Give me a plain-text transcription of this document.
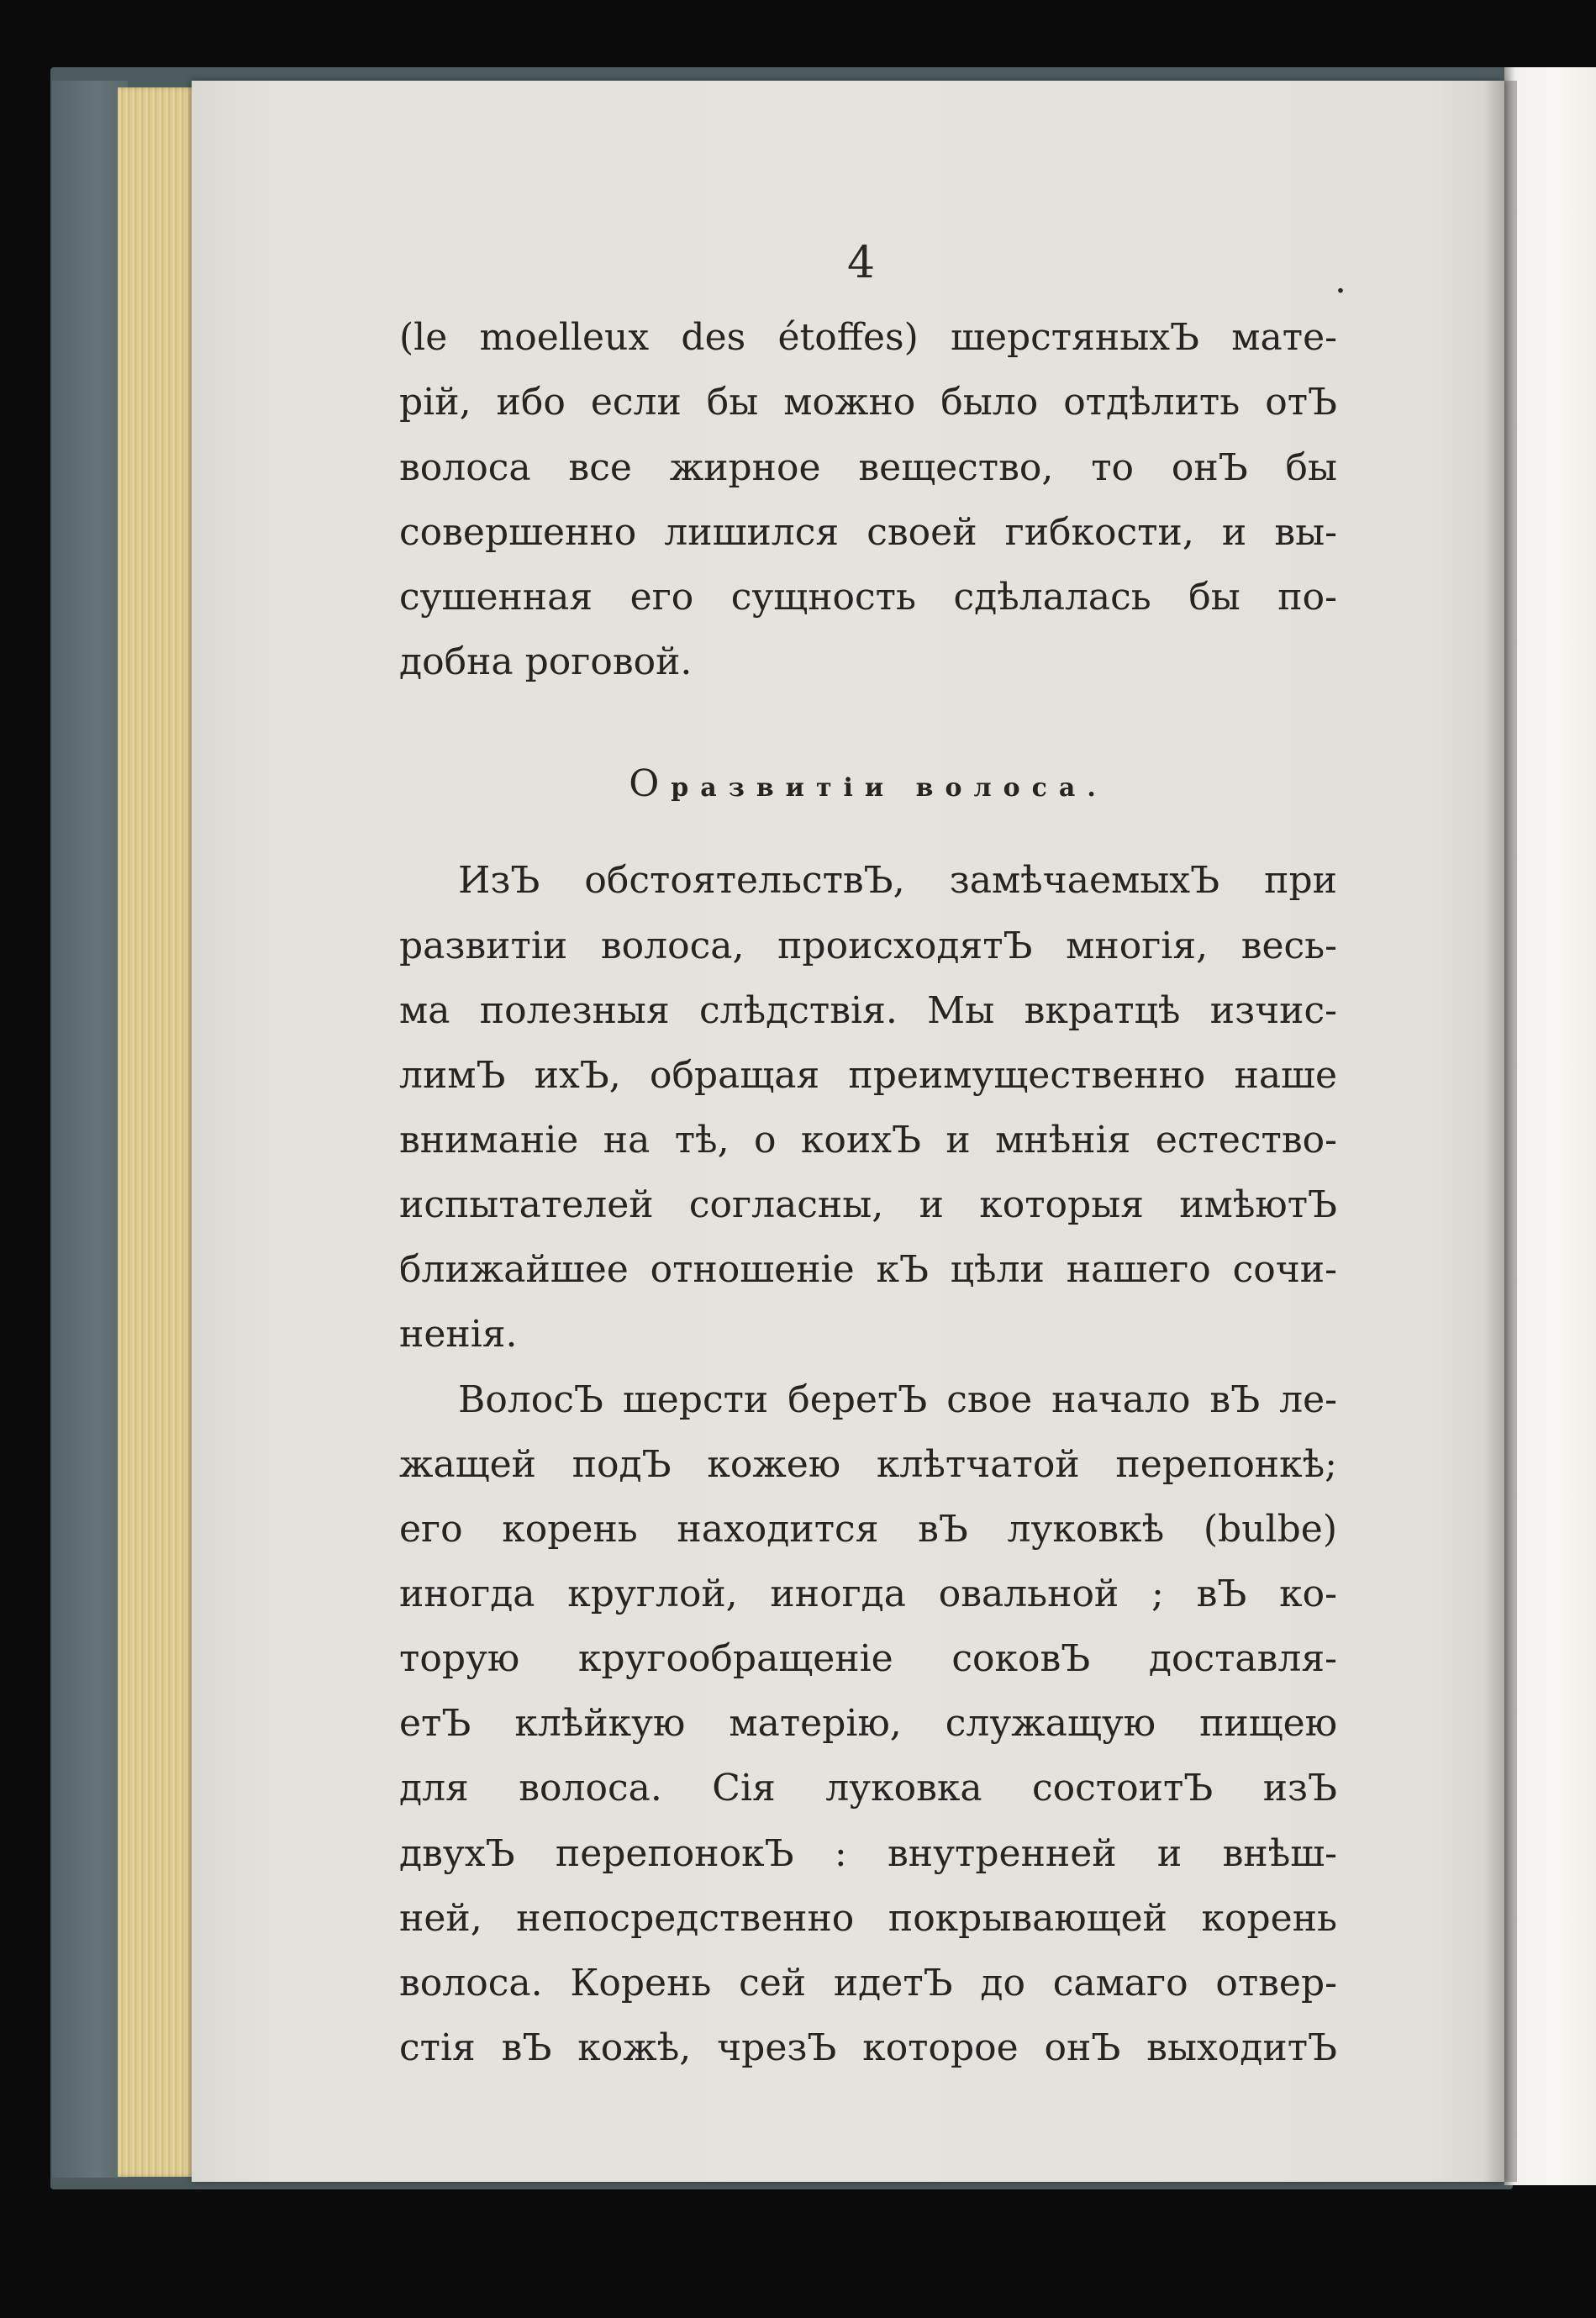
4	.
(le moelleux des étoffes) шерстяныхЪ мате-
рій, ибо если бы можно было отдѣлить отЪ
волоса все жирное вещество, то онЪ бы
совершенно лишился своей гибкости, и вы-
сушенная его сущность сдѣлалась бы по-
добна роговой.
О развитіи волоса.
ИзЪ обстоятельствЪ, замѣчаемыхЪ при
развитіи волоса, происходятЪ многія, весь-
ма полезныя слѣдствія. Мы вкратцѣ изчис-
лимЪ ихЪ, обращая преимущественно наше
вниманіе на тѣ, о коихЪ и мнѣнія естество-
испытателей согласны, и которыя имѣютЪ
ближайшее отношеніе кЪ цѣли нашего сочи-
ненія.
ВолосЪ шерсти беретЪ свое начало вЪ ле-
жащей подЪ кожею клѣтчатой перепонкѣ;
его корень находится вЪ луковкѣ (bulbe)
иногда круглой, иногда овальной ; вЪ ко-
торую кругообращеніе соковЪ доставля-
етЪ клѣйкую матерію, служащую пищею
для волоса. Сія луковка состоитЪ изЪ
двухЪ перепонокЪ : внутренней и внѣш-
ней, непосредственно покрывающей корень
волоса. Корень сей идетЪ до самаго отвер-
стія вЪ кожѣ, чрезЪ которое онЪ выходитЪ
